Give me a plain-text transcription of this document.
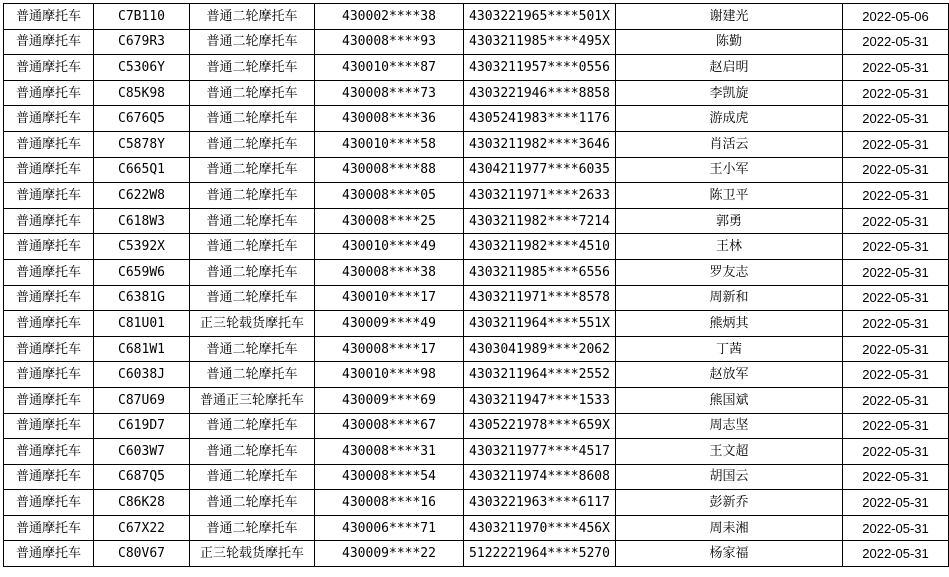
普通摩托车	C7B110	普通二轮摩托车	430002****38	4303221965****501X	谢建光	2022-05-06
普通摩托车	C679R3	普通二轮摩托车	430008****93	4303211985****495X	陈勤	2022-05-31
普通摩托车	C5306Y	普通二轮摩托车	430010****87	4303211957****0556	赵启明	2022-05-31
普通摩托车	C85K98	普通二轮摩托车	430008****73	4303221946****8858	李凯旋	2022-05-31
普通摩托车	C676Q5	普通二轮摩托车	430008****36	4305241983****1176	游成虎	2022-05-31
普通摩托车	C5878Y	普通二轮摩托车	430010****58	4303211982****3646	肖活云	2022-05-31
普通摩托车	C665Q1	普通二轮摩托车	430008****88	4304211977****6035	王小军	2022-05-31
普通摩托车	C622W8	普通二轮摩托车	430008****05	4303211971****2633	陈卫平	2022-05-31
普通摩托车	C618W3	普通二轮摩托车	430008****25	4303211982****7214	郭勇	2022-05-31
普通摩托车	C5392X	普通二轮摩托车	430010****49	4303211982****4510	王林	2022-05-31
普通摩托车	C659W6	普通二轮摩托车	430008****38	4303211985****6556	罗友志	2022-05-31
普通摩托车	C6381G	普通二轮摩托车	430010****17	4303211971****8578	周新和	2022-05-31
普通摩托车	C81U01	正三轮载货摩托车	430009****49	4303211964****551X	熊炳其	2022-05-31
普通摩托车	C681W1	普通二轮摩托车	430008****17	4303041989****2062	丁茜	2022-05-31
普通摩托车	C6038J	普通二轮摩托车	430010****98	4303211964****2552	赵放军	2022-05-31
普通摩托车	C87U69	普通正三轮摩托车	430009****69	4303211947****1533	熊国斌	2022-05-31
普通摩托车	C619D7	普通二轮摩托车	430008****67	4305221978****659X	周志坚	2022-05-31
普通摩托车	C603W7	普通二轮摩托车	430008****31	4303211977****4517	王文超	2022-05-31
普通摩托车	C687Q5	普通二轮摩托车	430008****54	4303211974****8608	胡国云	2022-05-31
普通摩托车	C86K28	普通二轮摩托车	430008****16	4303221963****6117	彭新乔	2022-05-31
普通摩托车	C67X22	普通二轮摩托车	430006****71	4303211970****456X	周耒湘	2022-05-31
普通摩托车	C80V67	正三轮载货摩托车	430009****22	5122221964****5270	杨家福	2022-05-31
